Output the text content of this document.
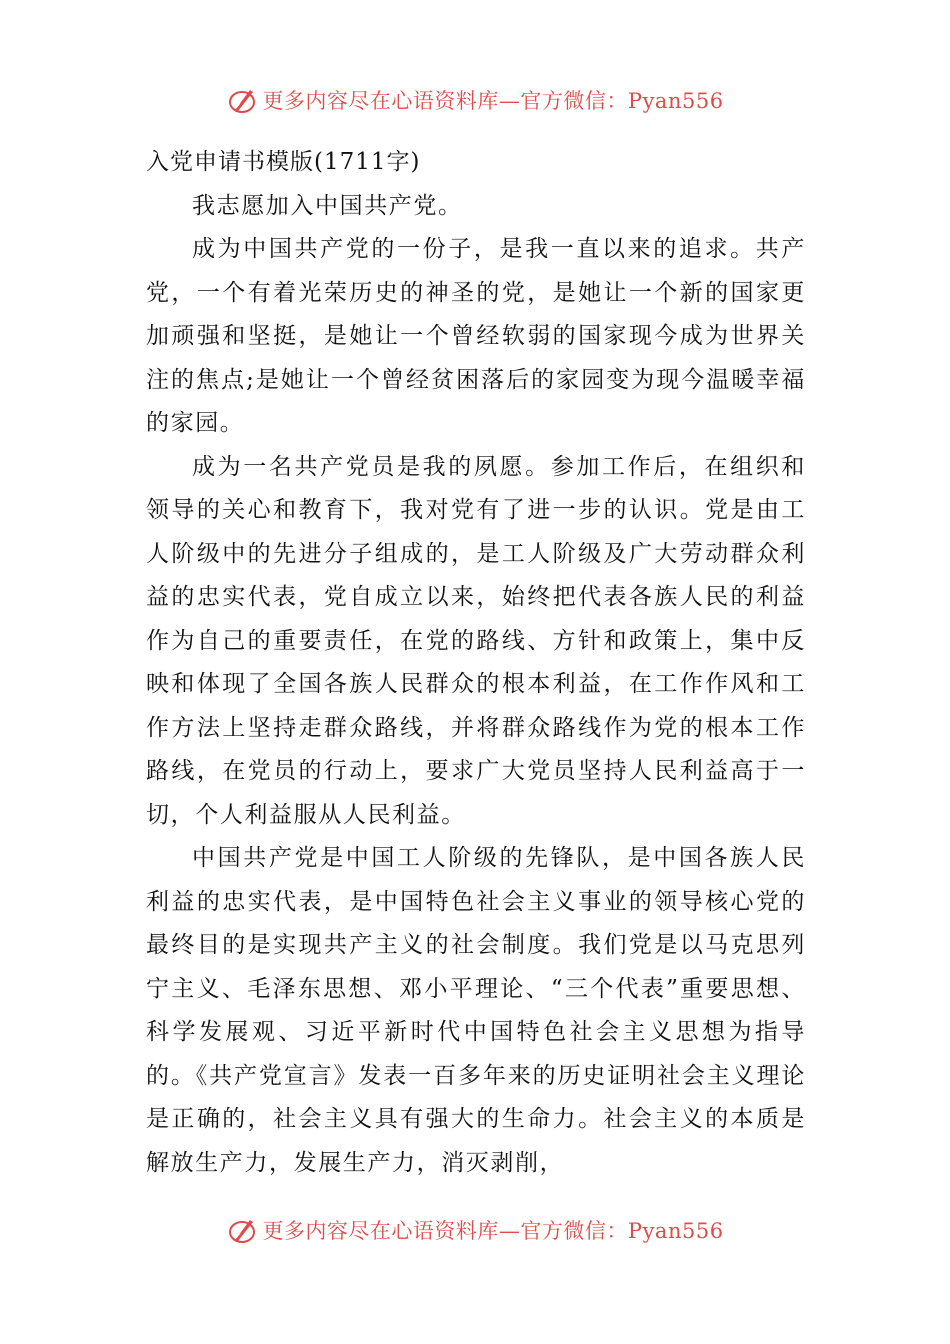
更多内容尽在心语资料库—官方微信：Pyan556
入党申请书模版(1711字)

我志愿加入中国共产党。

成为中国共产党的一份子，是我一直以来的追求。共产党，一个有着光荣历史的神圣的党，是她让一个新的国家更加顽强和坚挺，是她让一个曾经软弱的国家现今成为世界关注的焦点;是她让一个曾经贫困落后的家园变为现今温暖幸福的家园。

成为一名共产党员是我的夙愿。参加工作后，在组织和领导的关心和教育下，我对党有了进一步的认识。党是由工人阶级中的先进分子组成的，是工人阶级及广大劳动群众利益的忠实代表，党自成立以来，始终把代表各族人民的利益作为自己的重要责任，在党的路线、方针和政策上，集中反映和体现了全国各族人民群众的根本利益，在工作作风和工作方法上坚持走群众路线，并将群众路线作为党的根本工作路线，在党员的行动上，要求广大党员坚持人民利益高于一切，个人利益服从人民利益。

中国共产党是中国工人阶级的先锋队，是中国各族人民利益的忠实代表，是中国特色社会主义事业的领导核心党的最终目的是实现共产主义的社会制度。我们党是以马克思列宁主义、毛泽东思想、邓小平理论、“三个代表”重要思想、科学发展观、习近平新时代中国特色社会主义思想为指导的。《共产党宣言》发表一百多年来的历史证明社会主义理论是正确的，社会主义具有强大的生命力。社会主义的本质是解放生产力，发展生产力，消灭剥削，

更多内容尽在心语资料库—官方微信：Pyan556
